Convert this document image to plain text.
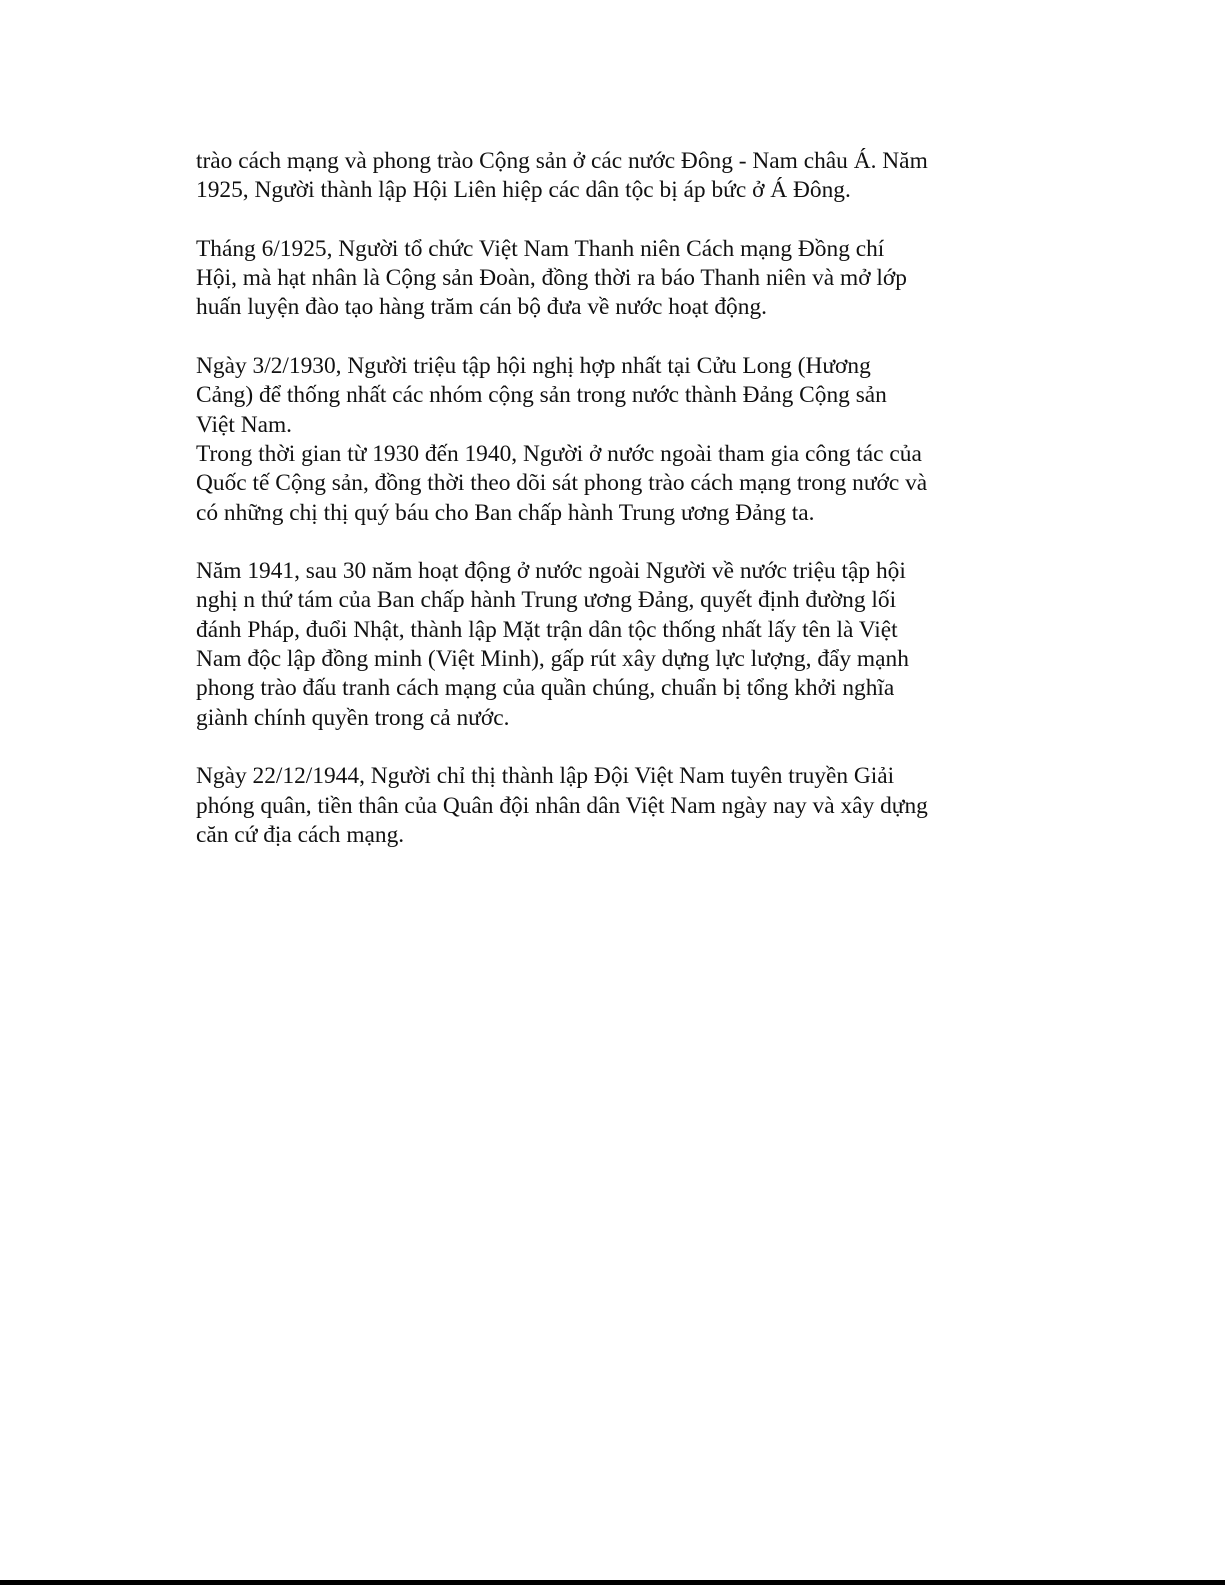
trào cách mạng và phong trào Cộng sản ở các nước Đông - Nam châu Á. Năm
1925, Người thành lập Hội Liên hiệp các dân tộc bị áp bức ở Á Đông.

Tháng 6/1925, Người tổ chức Việt Nam Thanh niên Cách mạng Đồng chí
Hội, mà hạt nhân là Cộng sản Đoàn, đồng thời ra báo Thanh niên và mở lớp
huấn luyện đào tạo hàng trăm cán bộ đưa về nước hoạt động.

Ngày 3/2/1930, Người triệu tập hội nghị hợp nhất tại Cửu Long (Hương
Cảng) để thống nhất các nhóm cộng sản trong nước thành Đảng Cộng sản
Việt Nam.
Trong thời gian từ 1930 đến 1940, Người ở nước ngoài tham gia công tác của
Quốc tế Cộng sản, đồng thời theo dõi sát phong trào cách mạng trong nước và
có những chị thị quý báu cho Ban chấp hành Trung ương Đảng ta.

Năm 1941, sau 30 năm hoạt động ở nước ngoài Người về nước triệu tập hội
nghị n thứ tám của Ban chấp hành Trung ương Đảng, quyết định đường lối
đánh Pháp, đuổi Nhật, thành lập Mặt trận dân tộc thống nhất lấy tên là Việt
Nam độc lập đồng minh (Việt Minh), gấp rút xây dựng lực lượng, đẩy mạnh
phong trào đấu tranh cách mạng của quần chúng, chuẩn bị tổng khởi nghĩa
giành chính quyền trong cả nước.

Ngày 22/12/1944, Người chỉ thị thành lập Đội Việt Nam tuyên truyền Giải
phóng quân, tiền thân của Quân đội nhân dân Việt Nam ngày nay và xây dựng
căn cứ địa cách mạng.
